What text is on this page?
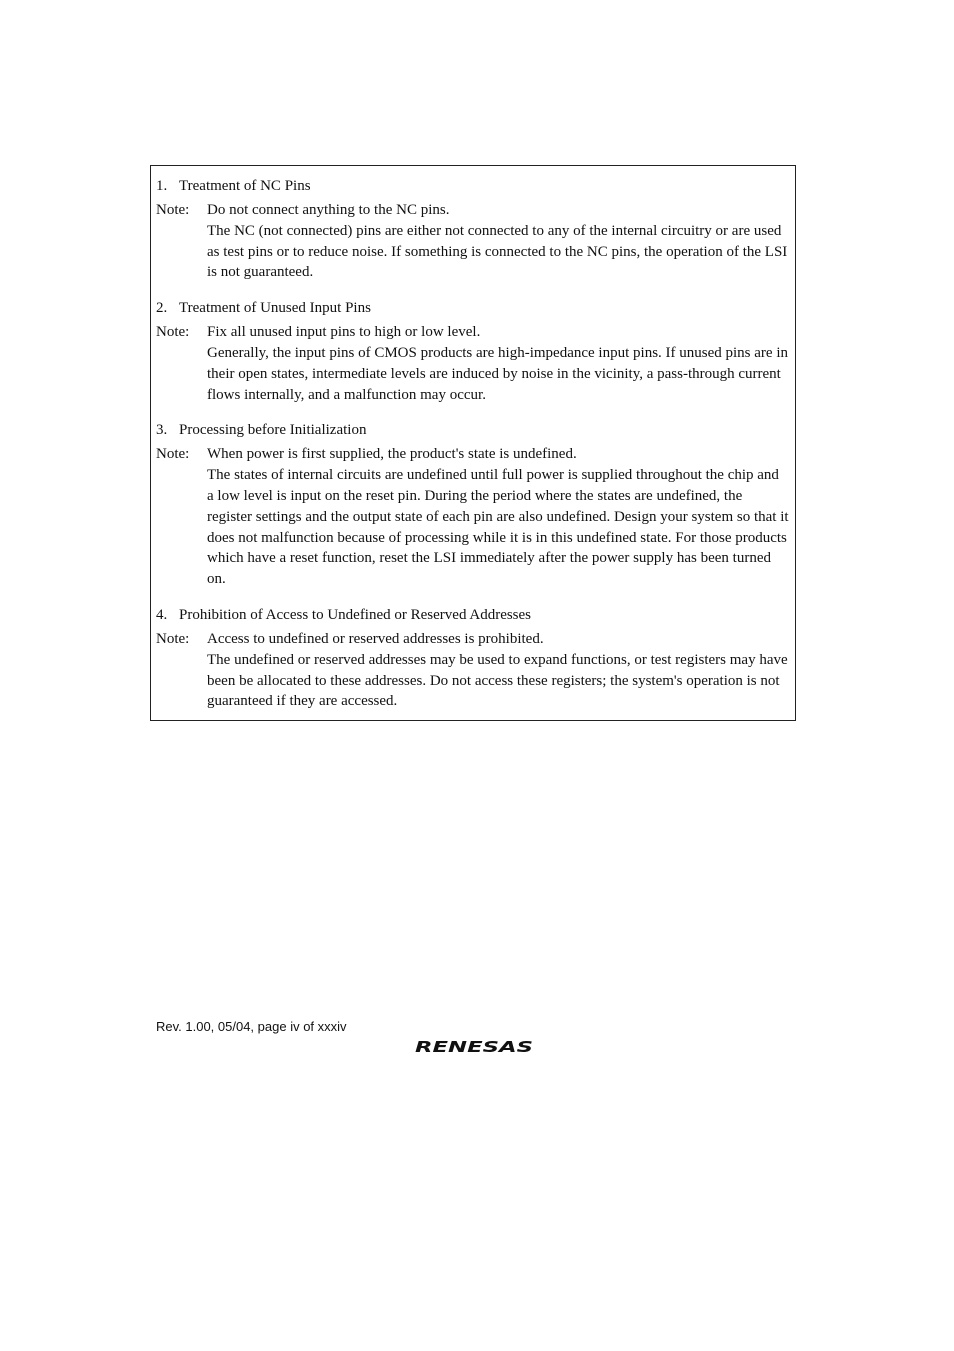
1. Treatment of NC Pins
Note:	Do not connect anything to the NC pins.

The NC (not connected) pins are either not connected to any of the internal circuitry or are used as test pins or to reduce noise. If something is connected to the NC pins, the operation of the LSI is not guaranteed.

2. Treatment of Unused Input Pins
Note:	Fix all unused input pins to high or low level.

Generally, the input pins of CMOS products are high-impedance input pins. If unused pins are in their open states, intermediate levels are induced by noise in the vicinity, a pass-through current flows internally, and a malfunction may occur.

3. Processing before Initialization
Note:	When power is first supplied, the product's state is undefined.

The states of internal circuits are undefined until full power is supplied throughout the chip and a low level is input on the reset pin. During the period where the states are undefined, the register settings and the output state of each pin are also undefined. Design your system so that it does not malfunction because of processing while it is in this undefined state. For those products which have a reset function, reset the LSI immediately after the power supply has been turned on.

4. Prohibition of Access to Undefined or Reserved Addresses
Note:	Access to undefined or reserved addresses is prohibited.

The undefined or reserved addresses may be used to expand functions, or test registers may have been be allocated to these addresses. Do not access these registers; the system's operation is not guaranteed if they are accessed.

Rev. 1.00, 05/04, page iv of xxxiv
RENESAS
